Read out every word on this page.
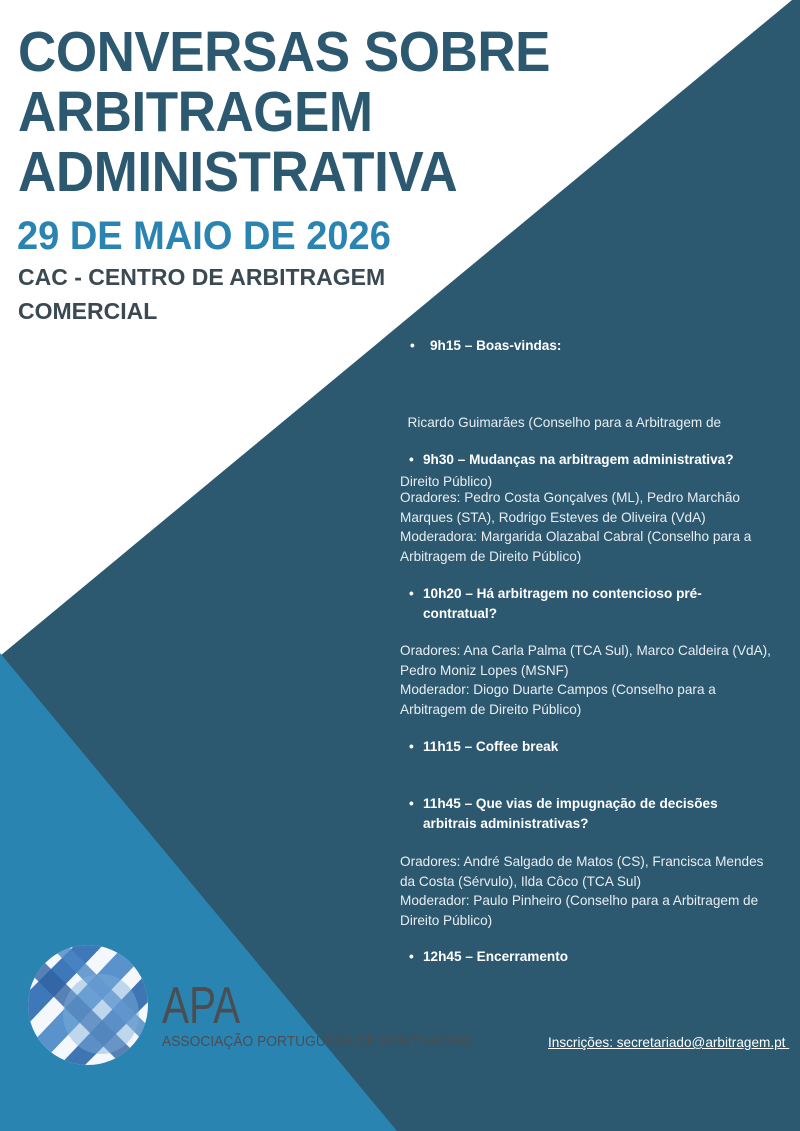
CONVERSAS SOBRE
ARBITRAGEM
ADMINISTRATIVA
29 DE MAIO DE 2026
CAC - CENTRO DE ARBITRAGEM
COMERCIAL
• 9h15 – Boas-vindas:

Ricardo Guimarães (Conselho para a Arbitragem de

Direito Público)

• 9h30 – Mudanças na arbitragem administrativa?
Oradores: Pedro Costa Gonçalves (ML), Pedro Marchão
Marques (STA), Rodrigo Esteves de Oliveira (VdA)
Moderadora: Margarida Olazabal Cabral (Conselho para a
Arbitragem de Direito Público)
• 10h20 – Há arbitragem no contencioso pré-
contratual?
Oradores: Ana Carla Palma (TCA Sul), Marco Caldeira (VdA),
Pedro Moniz Lopes (MSNF)
Moderador: Diogo Duarte Campos (Conselho para a
Arbitragem de Direito Público)
• 11h15 – Coffee break
• 11h45 – Que vias de impugnação de decisões
arbitrais administrativas?
Oradores: André Salgado de Matos (CS), Francisca Mendes
da Costa (Sérvulo), Ilda Côco (TCA Sul)
Moderador: Paulo Pinheiro (Conselho para a Arbitragem de
Direito Público)
• 12h45 – Encerramento
APA
ASSOCIAÇÃO PORTUGUESA DE ARBITRAGEM	Inscrições: secretariado@arbitragem.pt
